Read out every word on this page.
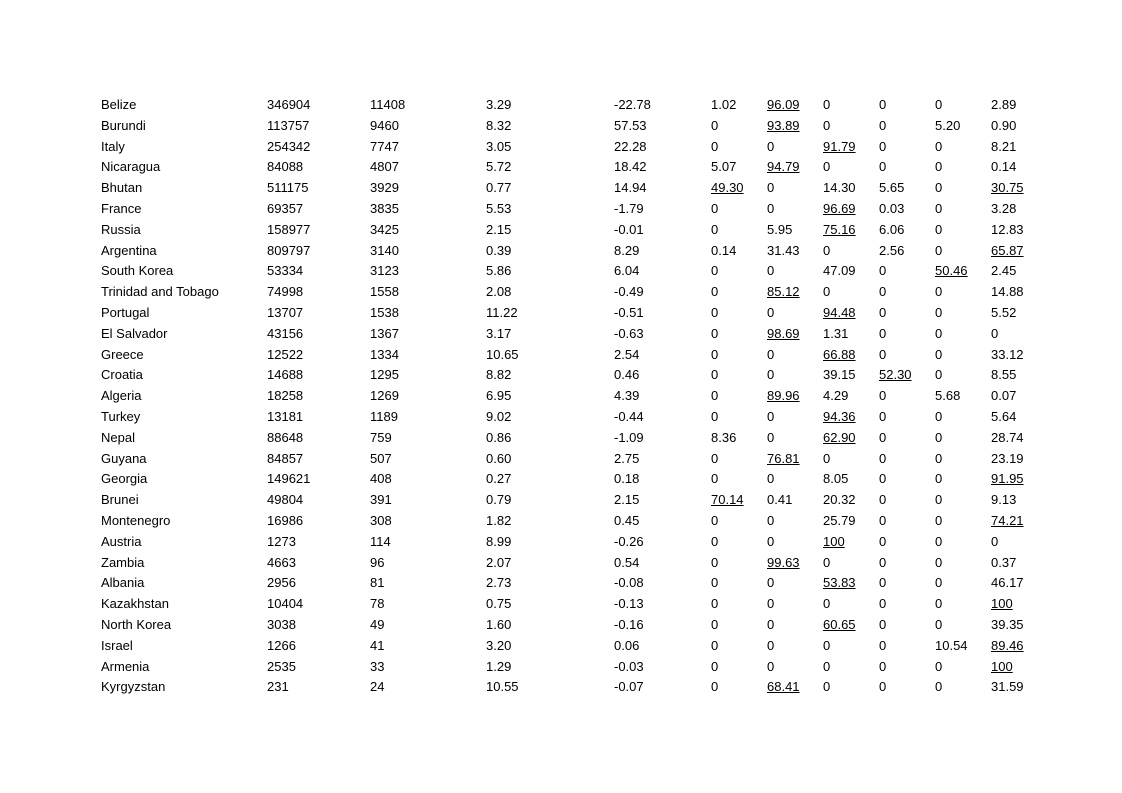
Belize	346904	11408	3.29	-22.78	1.02	96.09	0	0	0	2.89
Burundi	113757	9460	8.32	57.53	0	93.89	0	0	5.20	0.90
Italy	254342	7747	3.05	22.28	0	0	91.79	0	0	8.21
Nicaragua	84088	4807	5.72	18.42	5.07	94.79	0	0	0	0.14
Bhutan	511175	3929	0.77	14.94	49.30	0	14.30	5.65	0	30.75
France	69357	3835	5.53	-1.79	0	0	96.69	0.03	0	3.28
Russia	158977	3425	2.15	-0.01	0	5.95	75.16	6.06	0	12.83
Argentina	809797	3140	0.39	8.29	0.14	31.43	0	2.56	0	65.87
South Korea	53334	3123	5.86	6.04	0	0	47.09	0	50.46	2.45
Trinidad and Tobago	74998	1558	2.08	-0.49	0	85.12	0	0	0	14.88
Portugal	13707	1538	11.22	-0.51	0	0	94.48	0	0	5.52
El Salvador	43156	1367	3.17	-0.63	0	98.69	1.31	0	0	0
Greece	12522	1334	10.65	2.54	0	0	66.88	0	0	33.12
Croatia	14688	1295	8.82	0.46	0	0	39.15	52.30	0	8.55
Algeria	18258	1269	6.95	4.39	0	89.96	4.29	0	5.68	0.07
Turkey	13181	1189	9.02	-0.44	0	0	94.36	0	0	5.64
Nepal	88648	759	0.86	-1.09	8.36	0	62.90	0	0	28.74
Guyana	84857	507	0.60	2.75	0	76.81	0	0	0	23.19
Georgia	149621	408	0.27	0.18	0	0	8.05	0	0	91.95
Brunei	49804	391	0.79	2.15	70.14	0.41	20.32	0	0	9.13
Montenegro	16986	308	1.82	0.45	0	0	25.79	0	0	74.21
Austria	1273	114	8.99	-0.26	0	0	100	0	0	0
Zambia	4663	96	2.07	0.54	0	99.63	0	0	0	0.37
Albania	2956	81	2.73	-0.08	0	0	53.83	0	0	46.17
Kazakhstan	10404	78	0.75	-0.13	0	0	0	0	0	100
North Korea	3038	49	1.60	-0.16	0	0	60.65	0	0	39.35
Israel	1266	41	3.20	0.06	0	0	0	0	10.54	89.46
Armenia	2535	33	1.29	-0.03	0	0	0	0	0	100
Kyrgyzstan	231	24	10.55	-0.07	0	68.41	0	0	0	31.59
